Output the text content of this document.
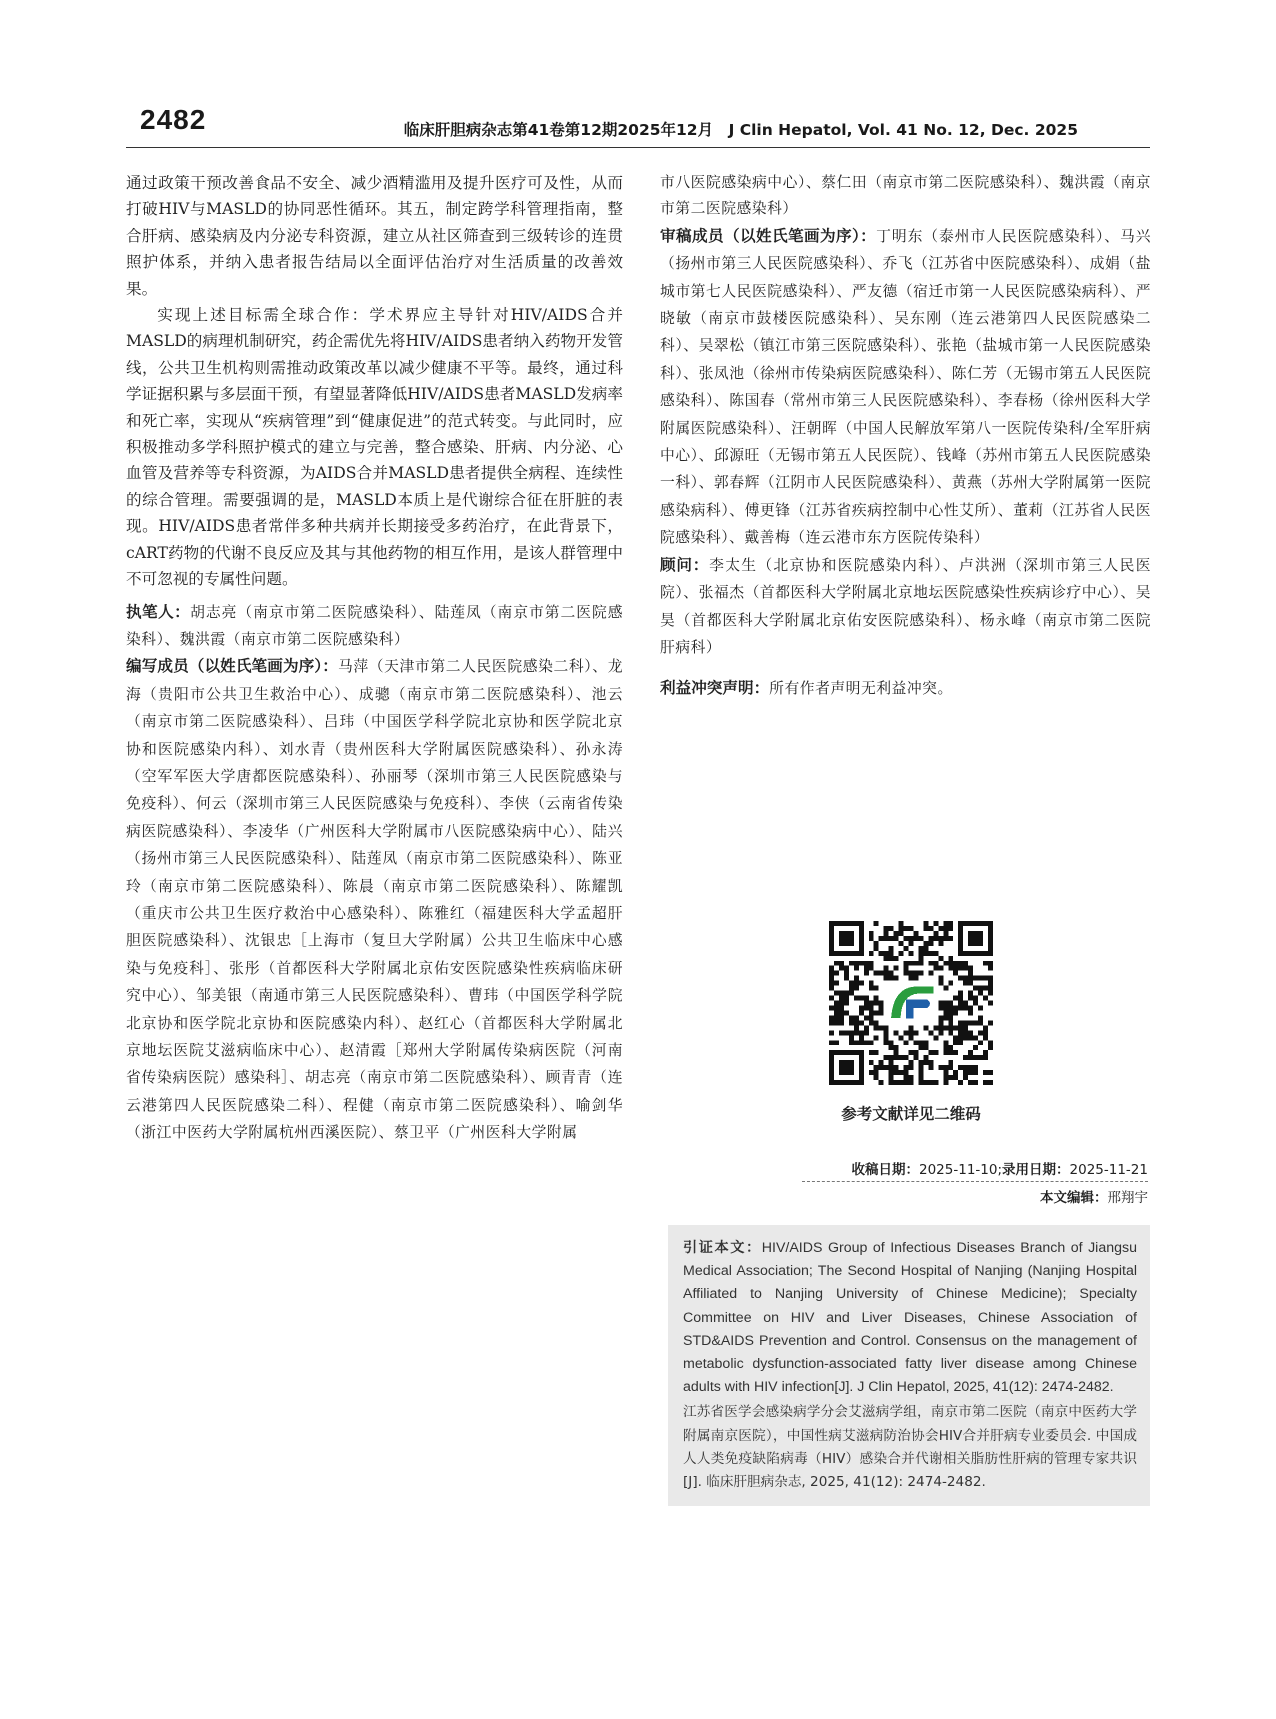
2482	临床肝胆病杂志第41卷第12期2025年12月　J Clin Hepatol, Vol. 41 No. 12, Dec. 2025

通过政策干预改善食品不安全、减少酒精滥用及提升医疗可及性，从而打破HIV与MASLD的协同恶性循环。其五，制定跨学科管理指南，整合肝病、感染病及内分泌专科资源，建立从社区筛查到三级转诊的连贯照护体系，并纳入患者报告结局以全面评估治疗对生活质量的改善效果。

实现上述目标需全球合作：学术界应主导针对HIV/AIDS合并MASLD的病理机制研究，药企需优先将HIV/AIDS患者纳入药物开发管线，公共卫生机构则需推动政策改革以减少健康不平等。最终，通过科学证据积累与多层面干预，有望显著降低HIV/AIDS患者MASLD发病率和死亡率，实现从“疾病管理”到“健康促进”的范式转变。与此同时，应积极推动多学科照护模式的建立与完善，整合感染、肝病、内分泌、心血管及营养等专科资源，为AIDS合并MASLD患者提供全病程、连续性的综合管理。需要强调的是，MASLD本质上是代谢综合征在肝脏的表现。HIV/AIDS患者常伴多种共病并长期接受多药治疗，在此背景下，cART药物的代谢不良反应及其与其他药物的相互作用，是该人群管理中不可忽视的专属性问题。

执笔人：胡志亮（南京市第二医院感染科）、陆莲凤（南京市第二医院感染科）、魏洪霞（南京市第二医院感染科）

编写成员（以姓氏笔画为序）：马萍（天津市第二人民医院感染二科）、龙海（贵阳市公共卫生救治中心）、成骢（南京市第二医院感染科）、池云（南京市第二医院感染科）、吕玮（中国医学科学院北京协和医学院北京协和医院感染内科）、刘水青（贵州医科大学附属医院感染科）、孙永涛（空军军医大学唐都医院感染科）、孙丽琴（深圳市第三人民医院感染与免疫科）、何云（深圳市第三人民医院感染与免疫科）、李侠（云南省传染病医院感染科）、李凌华（广州医科大学附属市八医院感染病中心）、陆兴（扬州市第三人民医院感染科）、陆莲凤（南京市第二医院感染科）、陈亚玲（南京市第二医院感染科）、陈晨（南京市第二医院感染科）、陈耀凯（重庆市公共卫生医疗救治中心感染科）、陈雅红（福建医科大学孟超肝胆医院感染科）、沈银忠［上海市（复旦大学附属）公共卫生临床中心感染与免疫科］、张彤（首都医科大学附属北京佑安医院感染性疾病临床研究中心）、邹美银（南通市第三人民医院感染科）、曹玮（中国医学科学院北京协和医学院北京协和医院感染内科）、赵红心（首都医科大学附属北京地坛医院艾滋病临床中心）、赵清霞［郑州大学附属传染病医院（河南省传染病医院）感染科］、胡志亮（南京市第二医院感染科）、顾青青（连云港第四人民医院感染二科）、程健（南京市第二医院感染科）、喻剑华（浙江中医药大学附属杭州西溪医院）、蔡卫平（广州医科大学附属

市八医院感染病中心）、蔡仁田（南京市第二医院感染科）、魏洪霞（南京市第二医院感染科）

审稿成员（以姓氏笔画为序）：丁明东（泰州市人民医院感染科）、马兴（扬州市第三人民医院感染科）、乔飞（江苏省中医院感染科）、成娟（盐城市第七人民医院感染科）、严友德（宿迁市第一人民医院感染病科）、严晓敏（南京市鼓楼医院感染科）、吴东刚（连云港第四人民医院感染二科）、吴翠松（镇江市第三医院感染科）、张艳（盐城市第一人民医院感染科）、张凤池（徐州市传染病医院感染科）、陈仁芳（无锡市第五人民医院感染科）、陈国春（常州市第三人民医院感染科）、李春杨（徐州医科大学附属医院感染科）、汪朝晖（中国人民解放军第八一医院传染科/全军肝病中心）、邱源旺（无锡市第五人民医院）、钱峰（苏州市第五人民医院感染一科）、郭春辉（江阴市人民医院感染科）、黄燕（苏州大学附属第一医院感染病科）、傅更锋（江苏省疾病控制中心性艾所）、董莉（江苏省人民医院感染科）、戴善梅（连云港市东方医院传染科）

顾问：李太生（北京协和医院感染内科）、卢洪洲（深圳市第三人民医院）、张福杰（首都医科大学附属北京地坛医院感染性疾病诊疗中心）、吴昊（首都医科大学附属北京佑安医院感染科）、杨永峰（南京市第二医院肝病科）

利益冲突声明：所有作者声明无利益冲突。

参考文献详见二维码
收稿日期：2025-11-10;录用日期：2025-11-21
本文编辑：邢翔宇

引证本文：HIV/AIDS Group of Infectious Diseases Branch of Jiangsu Medical Association; The Second Hospital of Nanjing (Nanjing Hospital Affiliated to Nanjing University of Chinese Medicine); Specialty Committee on HIV and Liver Diseases, Chinese Association of STD&AIDS Prevention and Control. Consensus on the management of metabolic dysfunction-associated fatty liver disease among Chinese adults with HIV infection[J]. J Clin Hepatol, 2025, 41(12): 2474-2482.

江苏省医学会感染病学分会艾滋病学组，南京市第二医院（南京中医药大学附属南京医院），中国性病艾滋病防治协会HIV合并肝病专业委员会. 中国成人人类免疫缺陷病毒（HIV）感染合并代谢相关脂肪性肝病的管理专家共识[J]. 临床肝胆病杂志, 2025, 41(12): 2474-2482.
